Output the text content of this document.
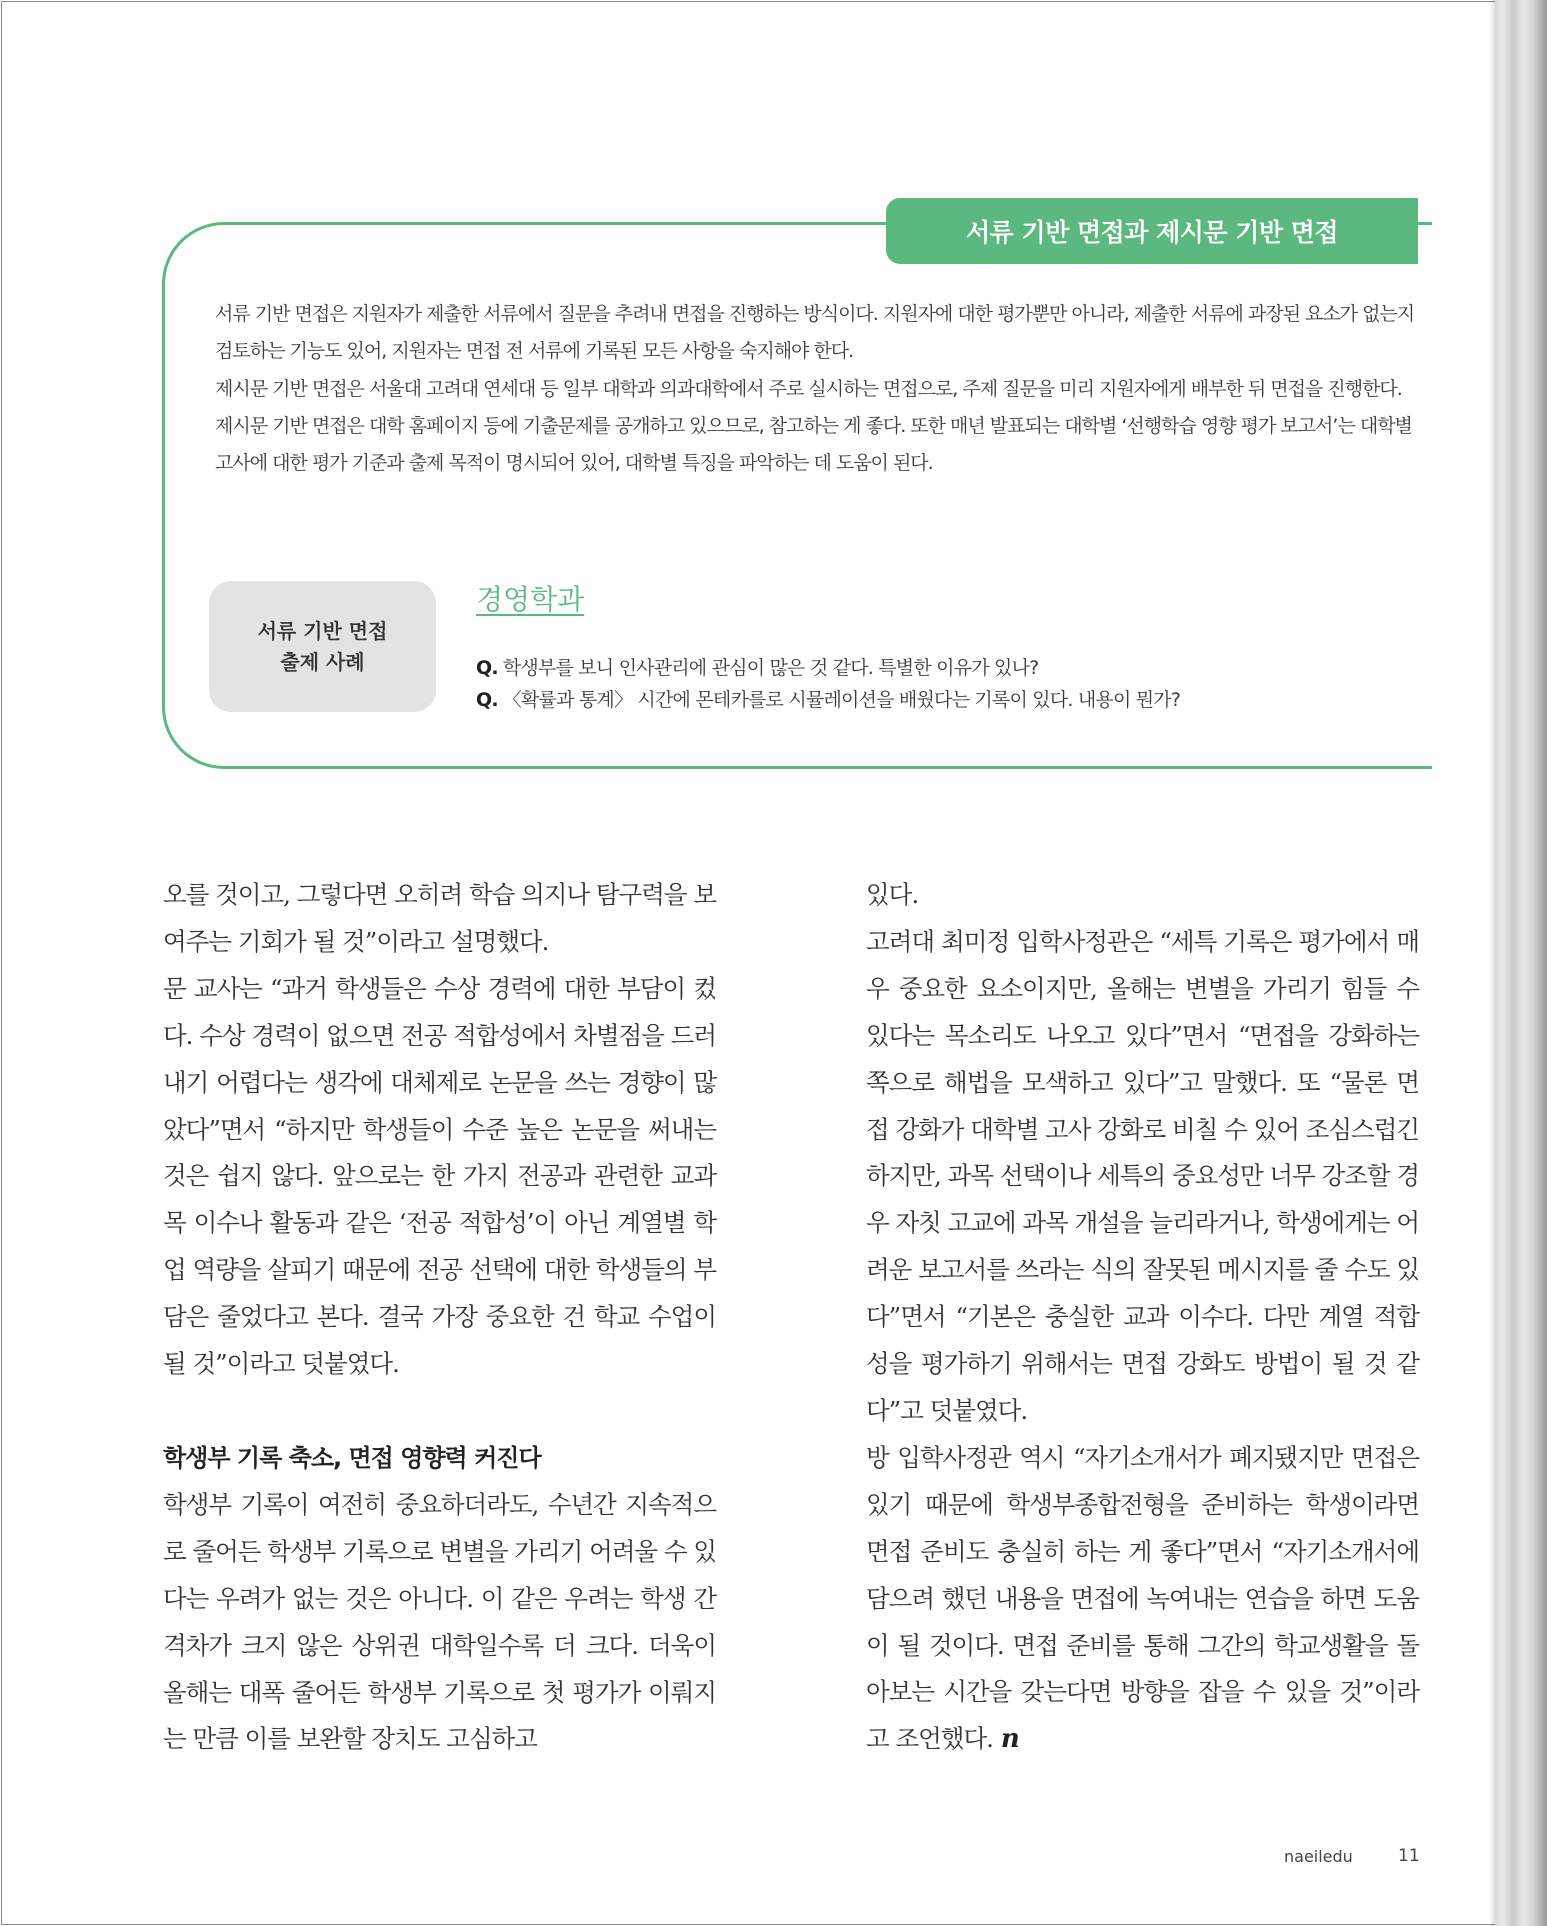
서류 기반 면접과 제시문 기반 면접

서류 기반 면접은 지원자가 제출한 서류에서 질문을 추려내 면접을 진행하는 방식이다. 지원자에 대한 평가뿐만 아니라, 제출한 서류에 과장된 요소가 없는지 검토하는 기능도 있어, 지원자는 면접 전 서류에 기록된 모든 사항을 숙지해야 한다.

제시문 기반 면접은 서울대 고려대 연세대 등 일부 대학과 의과대학에서 주로 실시하는 면접으로, 주제 질문을 미리 지원자에게 배부한 뒤 면접을 진행한다. 제시문 기반 면접은 대학 홈페이지 등에 기출문제를 공개하고 있으므로, 참고하는 게 좋다. 또한 매년 발표되는 대학별 ‘선행학습 영향 평가 보고서’는 대학별 고사에 대한 평가 기준과 출제 목적이 명시되어 있어, 대학별 특징을 파악하는 데 도움이 된다.

서류 기반 면접
출제 사례
경영학과
Q. 학생부를 보니 인사관리에 관심이 많은 것 같다. 특별한 이유가 있나?
Q. 〈확률과 통계〉 시간에 몬테카를로 시뮬레이션을 배웠다는 기록이 있다. 내용이 뭔가?

오를 것이고, 그렇다면 오히려 학습 의지나 탐구력을 보여주는 기회가 될 것”이라고 설명했다.

문 교사는 “과거 학생들은 수상 경력에 대한 부담이 컸다. 수상 경력이 없으면 전공 적합성에서 차별점을 드러내기 어렵다는 생각에 대체제로 논문을 쓰는 경향이 많았다”면서 “하지만 학생들이 수준 높은 논문을 써내는 것은 쉽지 않다. 앞으로는 한 가지 전공과 관련한 교과목 이수나 활동과 같은 ‘전공 적합성’이 아닌 계열별 학업 역량을 살피기 때문에 전공 선택에 대한 학생들의 부담은 줄었다고 본다. 결국 가장 중요한 건 학교 수업이 될 것”이라고 덧붙였다.

학생부 기록 축소, 면접 영향력 커진다

학생부 기록이 여전히 중요하더라도, 수년간 지속적으로 줄어든 학생부 기록으로 변별을 가리기 어려울 수 있다는 우려가 없는 것은 아니다. 이 같은 우려는 학생 간 격차가 크지 않은 상위권 대학일수록 더 크다. 더욱이 올해는 대폭 줄어든 학생부 기록으로 첫 평가가 이뤄지는 만큼 이를 보완할 장치도 고심하고

있다.

고려대 최미정 입학사정관은 “세특 기록은 평가에서 매우 중요한 요소이지만, 올해는 변별을 가리기 힘들 수 있다는 목소리도 나오고 있다”면서 “면접을 강화하는 쪽으로 해법을 모색하고 있다”고 말했다. 또 “물론 면접 강화가 대학별 고사 강화로 비칠 수 있어 조심스럽긴 하지만, 과목 선택이나 세특의 중요성만 너무 강조할 경우 자칫 고교에 과목 개설을 늘리라거나, 학생에게는 어려운 보고서를 쓰라는 식의 잘못된 메시지를 줄 수도 있다”면서 “기본은 충실한 교과 이수다. 다만 계열 적합성을 평가하기 위해서는 면접 강화도 방법이 될 것 같다”고 덧붙였다.

방 입학사정관 역시 “자기소개서가 폐지됐지만 면접은 있기 때문에 학생부종합전형을 준비하는 학생이라면 면접 준비도 충실히 하는 게 좋다”면서 “자기소개서에 담으려 했던 내용을 면접에 녹여내는 연습을 하면 도움이 될 것이다. 면접 준비를 통해 그간의 학교생활을 돌아보는 시간을 갖는다면 방향을 잡을 수 있을 것”이라고 조언했다. n

naeiledu	11
